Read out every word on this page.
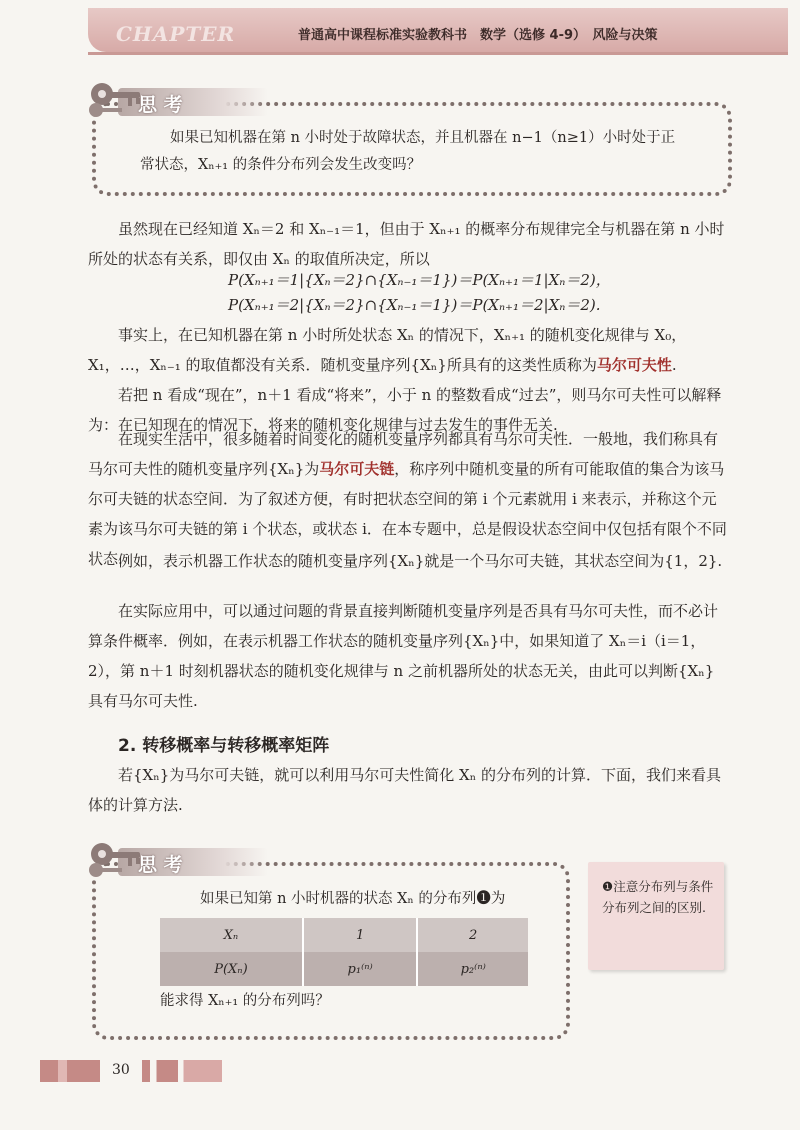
CHAPTER	普通高中课程标准实验教科书　数学（选修 4-9）　风险与决策
思 考
如果已知机器在第 n 小时处于故障状态，并且机器在 n−1（n≥1）小时处于正常状态，Xₙ₊₁ 的条件分布列会发生改变吗？
虽然现在已经知道 Xₙ＝2 和 Xₙ₋₁＝1，但由于 Xₙ₊₁ 的概率分布规律完全与机器在第 n 小时所处的状态有关系，即仅由 Xₙ 的取值所决定，所以
P(Xₙ₊₁＝1|{Xₙ＝2}∩{Xₙ₋₁＝1})＝P(Xₙ₊₁＝1|Xₙ＝2)，
P(Xₙ₊₁＝2|{Xₙ＝2}∩{Xₙ₋₁＝1})＝P(Xₙ₊₁＝2|Xₙ＝2).
事实上，在已知机器在第 n 小时所处状态 Xₙ 的情况下，Xₙ₊₁ 的随机变化规律与 X₀，X₁，…，Xₙ₋₁ 的取值都没有关系．随机变量序列{Xₙ}所具有的这类性质称为马尔可夫性.
若把 n 看成“现在”，n＋1 看成“将来”，小于 n 的整数看成“过去”，则马尔可夫性可以解释为：在已知现在的情况下，将来的随机变化规律与过去发生的事件无关.
在现实生活中，很多随着时间变化的随机变量序列都具有马尔可夫性．一般地，我们称具有马尔可夫性的随机变量序列{Xₙ}为马尔可夫链，称序列中随机变量的所有可能取值的集合为该马尔可夫链的状态空间．为了叙述方便，有时把状态空间的第 i 个元素就用 i 来表示，并称这个元素为该马尔可夫链的第 i 个状态，或状态 i．在本专题中，总是假设状态空间中仅包括有限个不同状态.
例如，表示机器工作状态的随机变量序列{Xₙ}就是一个马尔可夫链，其状态空间为{1，2}.
在实际应用中，可以通过问题的背景直接判断随机变量序列是否具有马尔可夫性，而不必计算条件概率．例如，在表示机器工作状态的随机变量序列{Xₙ}中，如果知道了 Xₙ＝i（i＝1，2），第 n＋1 时刻机器状态的随机变化规律与 n 之前机器所处的状态无关，由此可以判断{Xₙ}具有马尔可夫性.
2. 转移概率与转移概率矩阵
若{Xₙ}为马尔可夫链，就可以利用马尔可夫性简化 Xₙ 的分布列的计算．下面，我们来看具体的计算方法.
思 考
如果已知第 n 小时机器的状态 Xₙ 的分布列❶为
Xₙ	1	2
P(Xₙ)	p₁⁽ⁿ⁾	p₂⁽ⁿ⁾
能求得 Xₙ₊₁ 的分布列吗？
❶注意分布列与条件分布列之间的区别.
30
